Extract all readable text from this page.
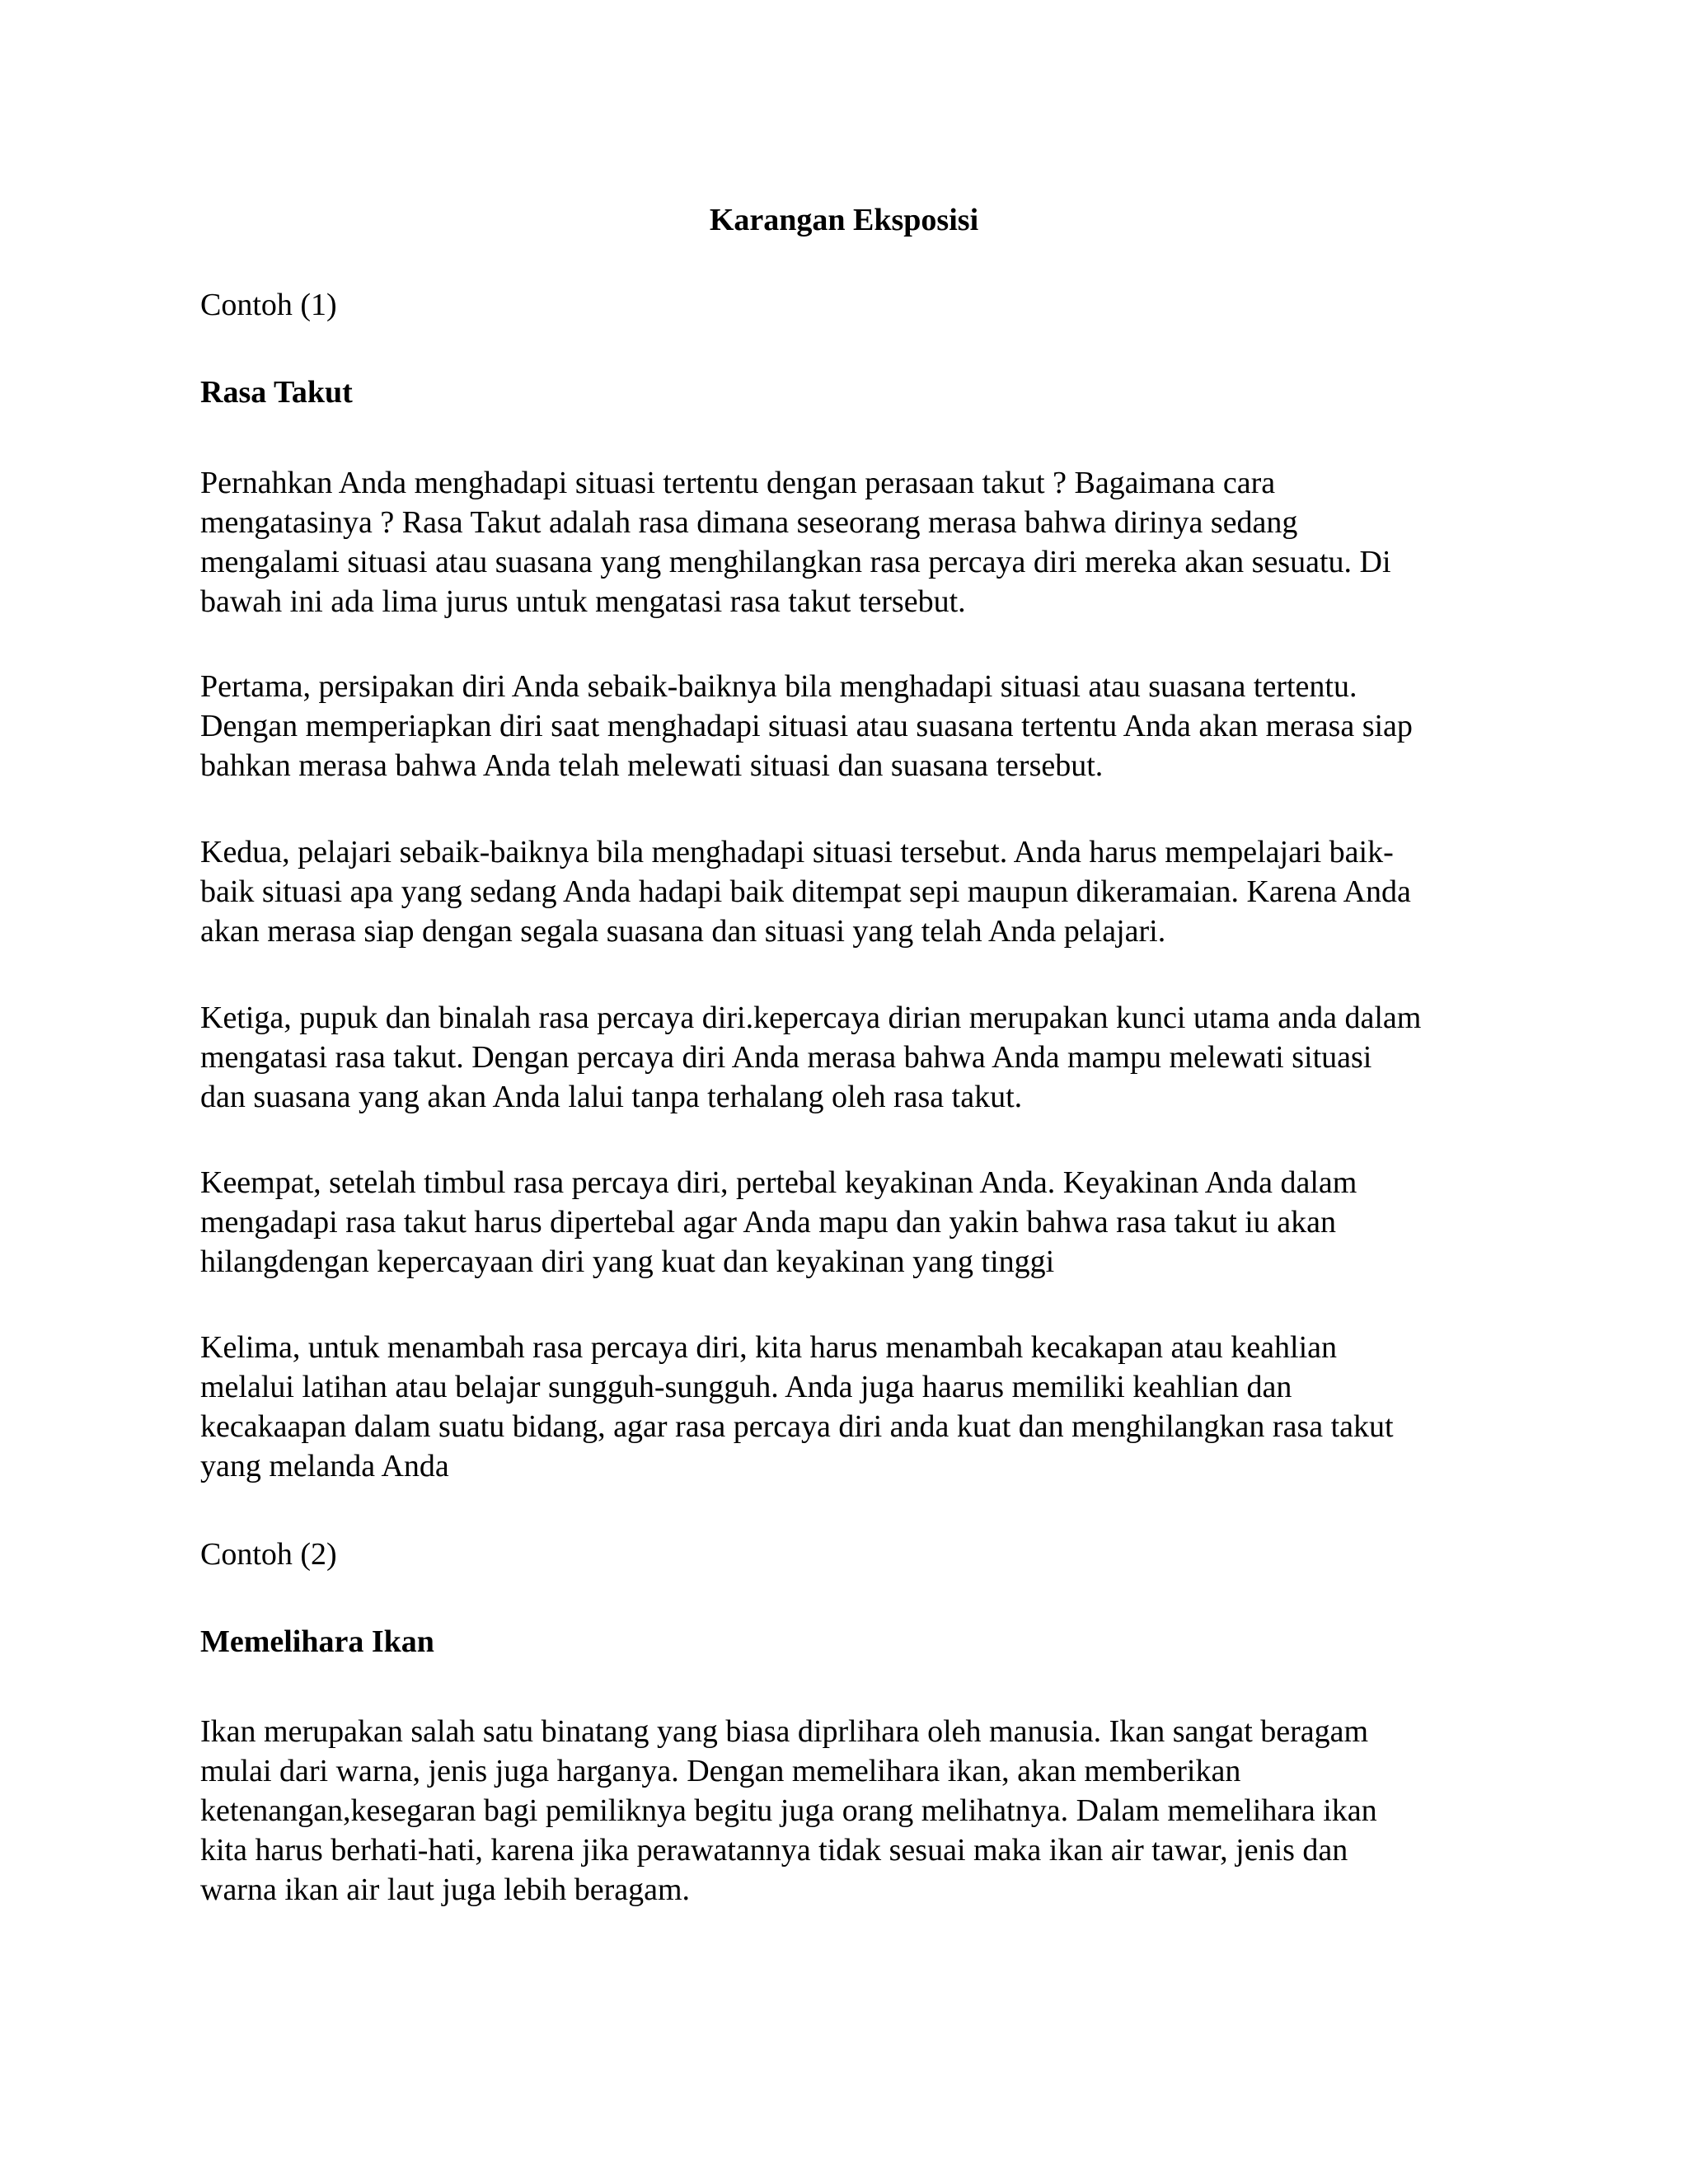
Karangan Eksposisi
Contoh (1)
Rasa Takut
Pernahkan Anda menghadapi situasi tertentu dengan perasaan takut ? Bagaimana cara
mengatasinya ? Rasa Takut adalah rasa dimana seseorang merasa bahwa dirinya sedang
mengalami situasi atau suasana yang menghilangkan rasa percaya diri mereka akan sesuatu. Di
bawah ini ada lima jurus untuk mengatasi rasa takut tersebut.
Pertama, persipakan diri Anda sebaik-baiknya bila menghadapi situasi atau suasana tertentu.
Dengan memperiapkan diri saat menghadapi situasi atau suasana tertentu Anda akan merasa siap
bahkan merasa bahwa Anda telah melewati situasi dan suasana tersebut.
Kedua, pelajari sebaik-baiknya bila menghadapi situasi tersebut. Anda harus mempelajari baik-
baik situasi apa yang sedang Anda hadapi baik ditempat sepi maupun dikeramaian. Karena Anda
akan merasa siap dengan segala suasana dan situasi yang telah Anda pelajari.
Ketiga, pupuk dan binalah rasa percaya diri.kepercaya dirian merupakan kunci utama anda dalam
mengatasi rasa takut. Dengan percaya diri Anda merasa bahwa Anda mampu melewati situasi
dan suasana yang akan Anda lalui tanpa terhalang oleh rasa takut.
Keempat, setelah timbul rasa percaya diri, pertebal keyakinan Anda. Keyakinan Anda dalam
mengadapi rasa takut harus dipertebal agar Anda mapu dan yakin bahwa rasa takut iu akan
hilangdengan kepercayaan diri yang kuat dan keyakinan yang tinggi
Kelima, untuk menambah rasa percaya diri, kita harus menambah kecakapan atau keahlian
melalui latihan atau belajar sungguh-sungguh. Anda juga haarus memiliki keahlian dan
kecakaapan dalam suatu bidang, agar rasa percaya diri anda kuat dan menghilangkan rasa takut
yang melanda Anda
Contoh (2)
Memelihara Ikan
Ikan merupakan salah satu binatang yang biasa diprlihara oleh manusia. Ikan sangat beragam
mulai dari warna, jenis juga harganya. Dengan memelihara ikan, akan memberikan
ketenangan,kesegaran bagi pemiliknya begitu juga orang melihatnya. Dalam memelihara ikan
kita harus berhati-hati, karena jika perawatannya tidak sesuai maka ikan air tawar, jenis dan
warna ikan air laut juga lebih beragam.
